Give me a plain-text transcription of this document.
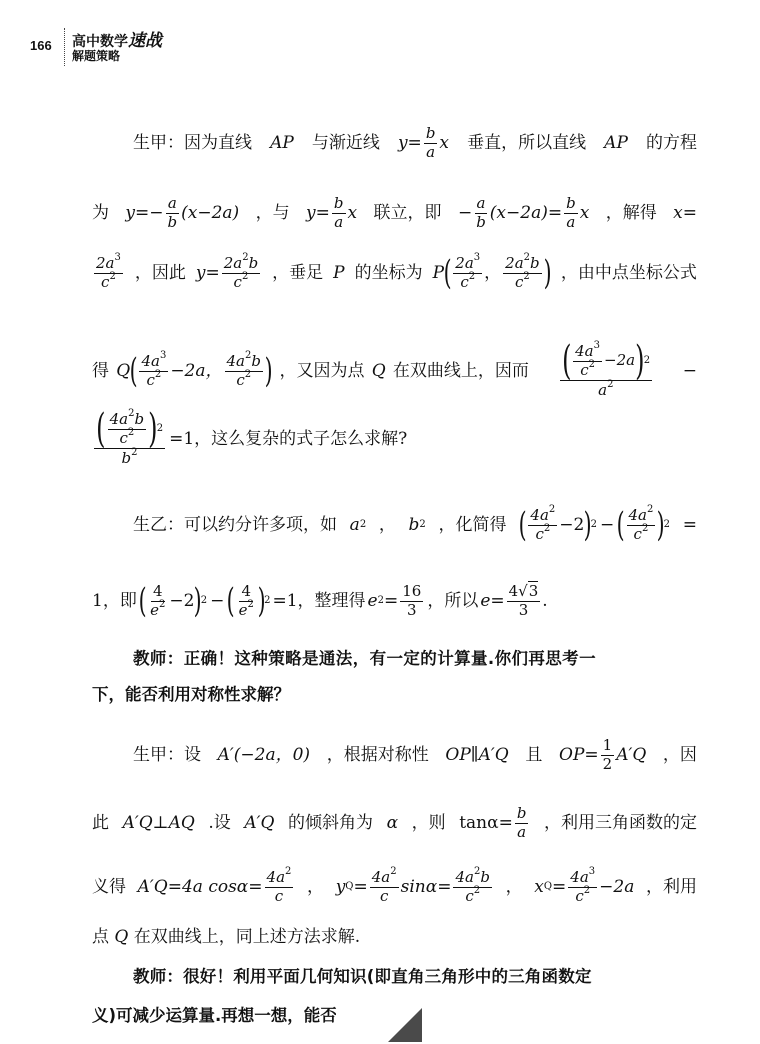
166 高中数学速战
解题策略
生甲：因为直线 AP 与渐近线 $y= \frac{b}{a}$ x 垂直，所以直线 AP 的方程
为 $y=- \frac{a}{b} (x-2a)$ ，与 $y= \frac{b}{a}$ x 联立，即 − $\frac{a}{b} (x-2a)= \frac{b}{a}$ x ，解得 x=
$2a^3$
$c^2$ ，因此 $y= \frac{2a^2b}{c^2}$ ，垂足 P 的坐标为 P ( $2a^3$
$c^2$ ， $2a^2b$
$c^2$ ) ，由中点坐标公式
得 Q ( $4a^3$
$c^2 -2a$， $4a^2b$
$c^2$ ) ，又因为点 Q 在双曲线上，因而 ( $4a^3$
$c^2 -2a$ ) 2
$a^2$
−
( $4a^2b$
$c^2$ ) 2
$b^2 =1$，这么复杂的式子怎么求解?
生乙：可以约分许多项，如 a 2 ， b 2 ，化简得 ( $4a^2$
$c^2 -2$ )
2 − ( $4a^2$
$c^2$ )
2 =
1，即 ( 4
$e^2 -2$ )
2 − ( 4
$e^2$ )
2 =1，整理得 e $2 = \frac{16}{3}$ ，所以 $e= \frac{4√3}{3}$ .
教师：正确！这种策略是通法，有一定的计算量.你们再思考一
下，能否利用对称性求解？
生甲：设 A′(−2a，0) ，根据对称性 OP∥A′Q 且 $OP= \frac{1}{2} A'Q$ ，因
此 A′Q⊥AQ .设 A′Q 的倾斜角为 α ，则 $\tan\alpha= \frac{b}{a}$ ，利用三角函数的定
义得 A′Q=4a $\cos\alpha= \frac{4a^2}{c}$ ， y $Q = \frac{4a^2}{c} \sin\alpha= \frac{4a^2b}{c^2}$ ， x $Q = \frac{4a^3}{c^2} -2a$ ，利用
点 Q 在双曲线上，同上述方法求解.
教师：很好！利用平面几何知识(即直角三角形中的三角函数定
义)可减少运算量.再想一想，能否
